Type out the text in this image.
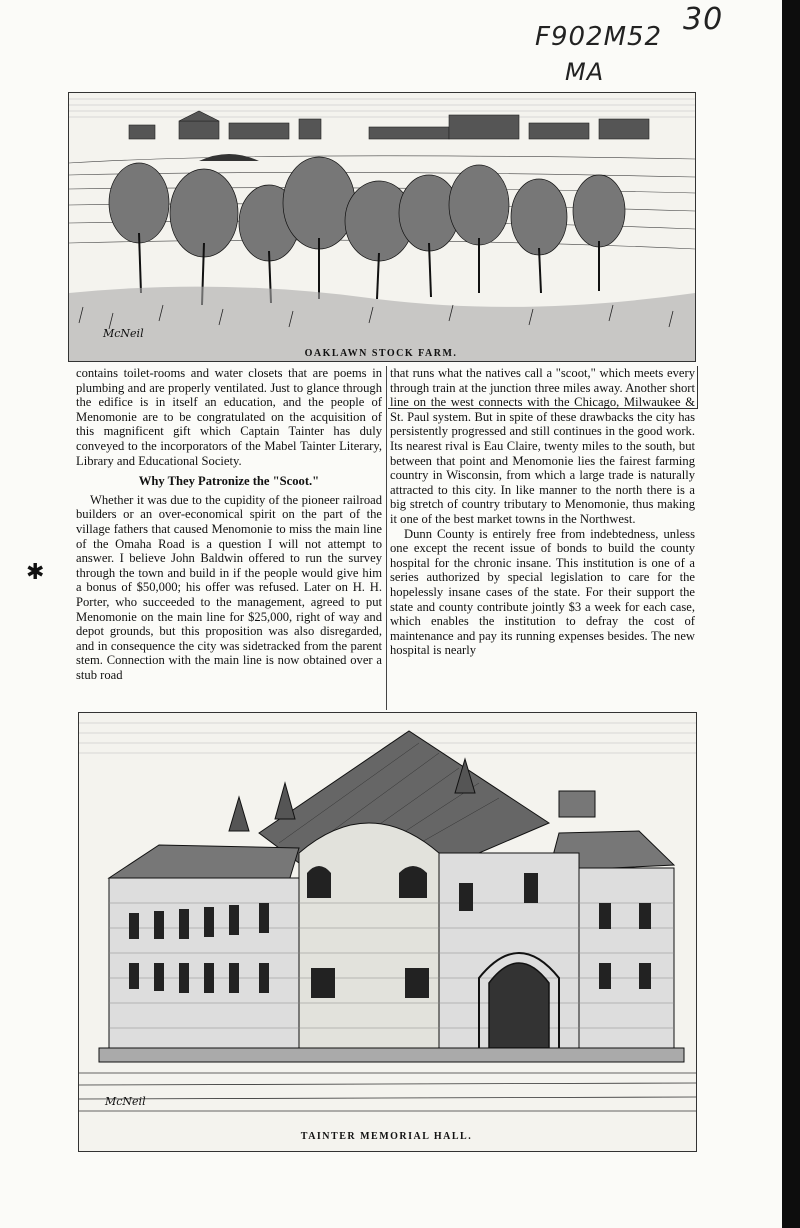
F902M52 30
MA
McNeil
OAKLAWN STOCK FARM.

contains toilet-rooms and water closets that are poems in plumbing and are properly ventilated. Just to glance through the edifice is in itself an education, and the people of Menomonie are to be congratulated on the acquisition of this magnificent gift which Captain Tainter has duly conveyed to the incorporators of the Mabel Tainter Literary, Library and Educational Society.

Why They Patronize the "Scoot."

Whether it was due to the cupidity of the pioneer railroad builders or an over-economical spirit on the part of the village fathers that caused Menomonie to miss the main line of the Omaha Road is a question I will not attempt to answer. I believe John Baldwin offered to run the survey through the town and build in if the people would give him a bonus of $50,000; his offer was refused. Later on H. H. Porter, who succeeded to the management, agreed to put Menomonie on the main line for $25,000, right of way and depot grounds, but this proposition was also disregarded, and in consequence the city was sidetracked from the parent stem. Connection with the main line is now obtained over a stub road

that runs what the natives call a "scoot," which meets every through train at the junction three miles away. Another short line on the west connects with the Chicago, Milwaukee & St. Paul system. But in spite of these drawbacks the city has persistently progressed and still continues in the good work. Its nearest rival is Eau Claire, twenty miles to the south, but between that point and Menomonie lies the fairest farming country in Wisconsin, from which a large trade is naturally attracted to this city. In like manner to the north there is a big stretch of country tributary to Menomonie, thus making it one of the best market towns in the Northwest.

Dunn County is entirely free from indebtedness, unless one except the recent issue of bonds to build the county hospital for the chronic insane. This institution is one of a series authorized by special legislation to care for the hopelessly insane cases of the state. For their support the state and county contribute jointly $3 a week for each case, which enables the institution to defray the cost of maintenance and pay its running expenses besides. The new hospital is nearly

✱
McNeil
TAINTER MEMORIAL HALL.
